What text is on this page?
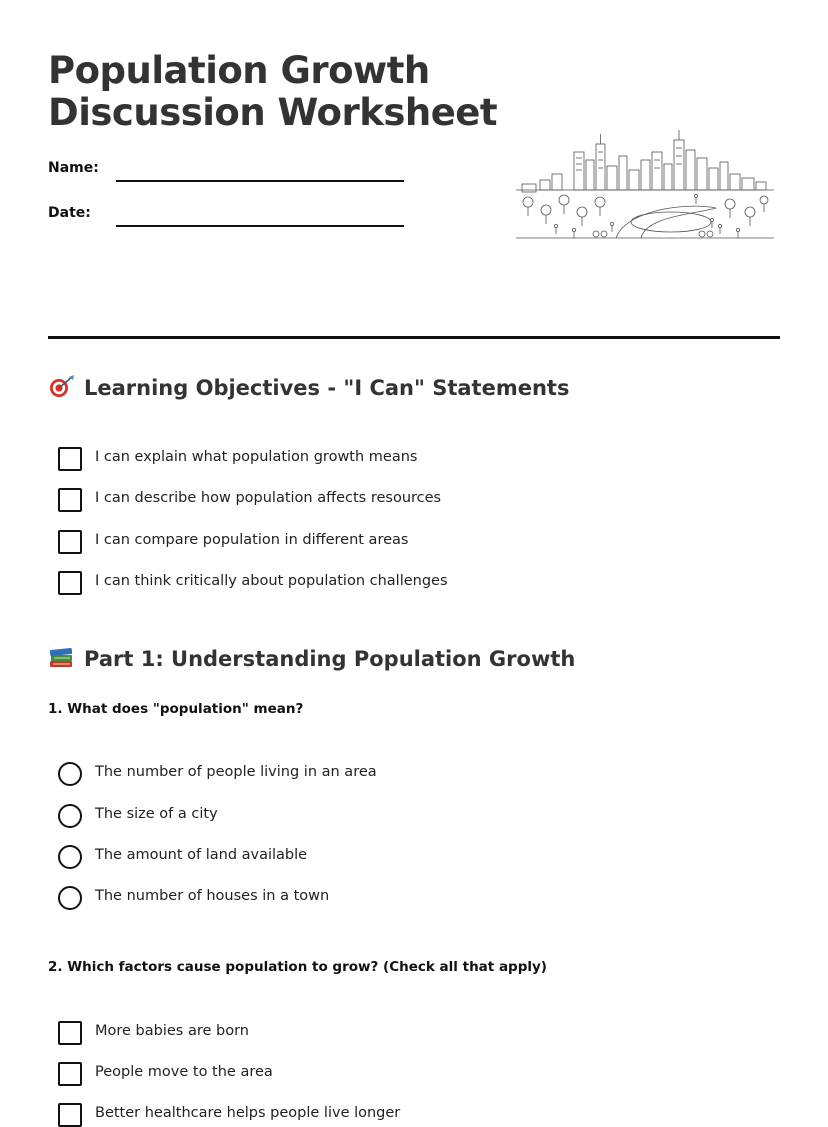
Population Growth
Discussion Worksheet
Name:
Date:
Learning Objectives - "I Can" Statements
I can explain what population growth means
I can describe how population affects resources
I can compare population in different areas
I can think critically about population challenges
Part 1: Understanding Population Growth
1. What does "population" mean?
The number of people living in an area
The size of a city
The amount of land available
The number of houses in a town
2. Which factors cause population to grow? (Check all that apply)
More babies are born
People move to the area
Better healthcare helps people live longer
